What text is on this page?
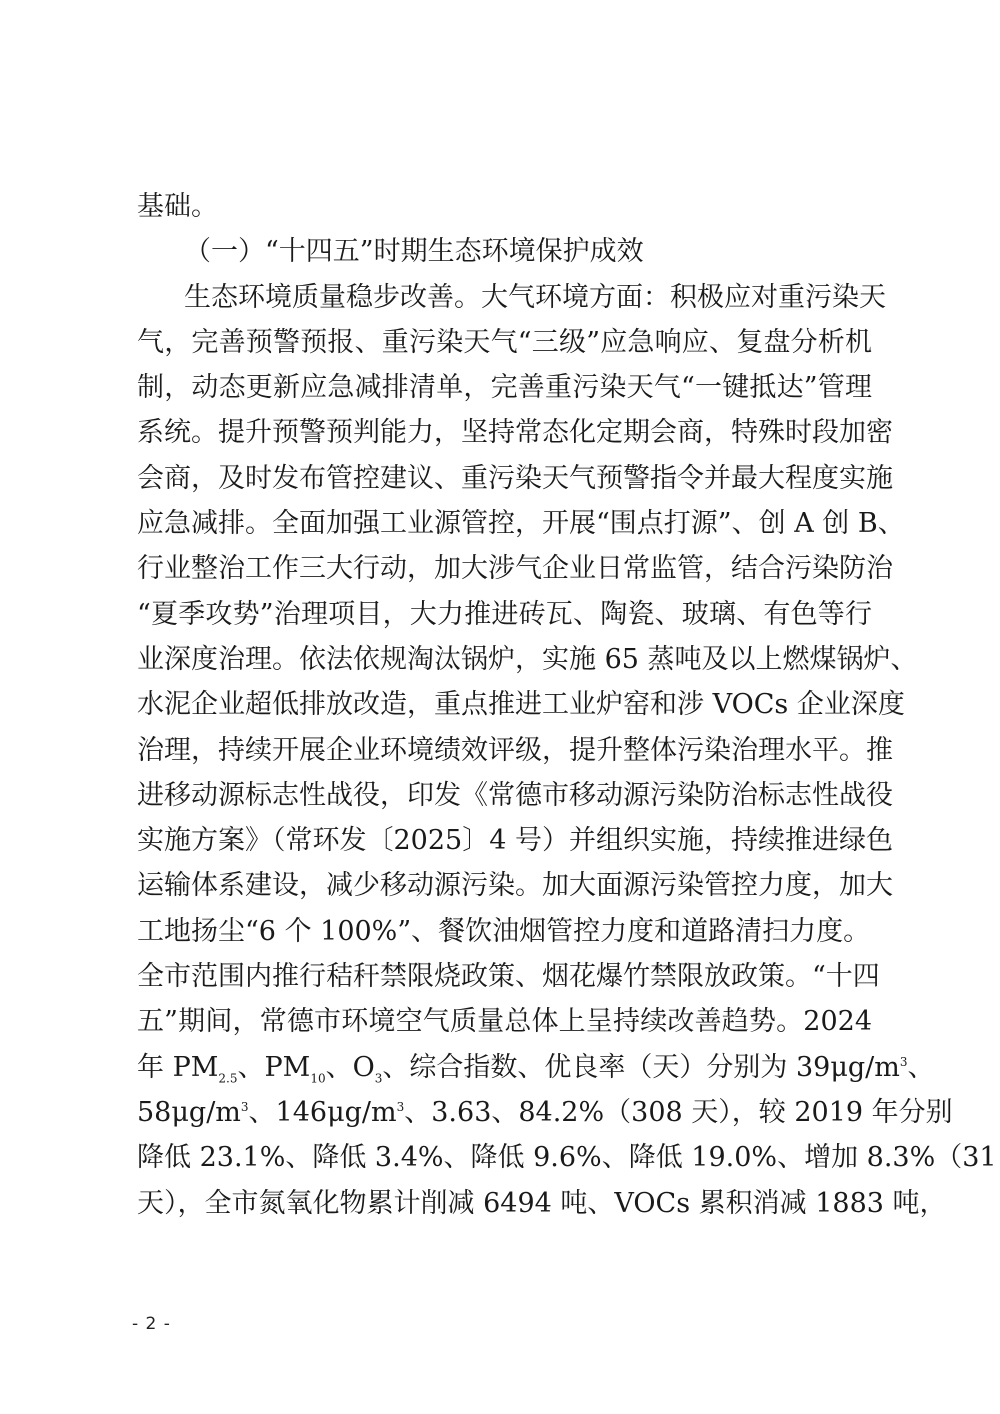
基础。
（一）“十四五”时期生态环境保护成效
生态环境质量稳步改善。大气环境方面：积极应对重污染天
气，完善预警预报、重污染天气“三级”应急响应、复盘分析机
制，动态更新应急减排清单，完善重污染天气“一键抵达”管理
系统。提升预警预判能力，坚持常态化定期会商，特殊时段加密
会商，及时发布管控建议、重污染天气预警指令并最大程度实施
应急减排。全面加强工业源管控，开展“围点打源”、创 A 创 B、
行业整治工作三大行动，加大涉气企业日常监管，结合污染防治
“夏季攻势”治理项目，大力推进砖瓦、陶瓷、玻璃、有色等行
业深度治理。依法依规淘汰锅炉，实施 65 蒸吨及以上燃煤锅炉、
水泥企业超低排放改造，重点推进工业炉窑和涉 VOCs 企业深度
治理，持续开展企业环境绩效评级，提升整体污染治理水平。推
进移动源标志性战役，印发《常德市移动源污染防治标志性战役
实施方案》（常环发〔2025〕4 号）并组织实施，持续推进绿色
运输体系建设，减少移动源污染。加大面源污染管控力度，加大
工地扬尘“6 个 100%”、餐饮油烟管控力度和道路清扫力度。
全市范围内推行秸秆禁限烧政策、烟花爆竹禁限放政策。“十四
五”期间，常德市环境空气质量总体上呈持续改善趋势。2024
年 $PM_{2.5}$、$PM_{10}$、$O_3$、综合指数、优良率（天）分别为 $39\mu g/m^3$、
$58\mu g/m^3$、$146\mu g/m^3$、3.63、84.2%（308 天），较 2019 年分别
降低 23.1%、降低 3.4%、降低 9.6%、降低 19.0%、增加 8.3%（31
天），全市氮氧化物累计削减 6494 吨、VOCs 累积消减 1883 吨，
- 2 -
